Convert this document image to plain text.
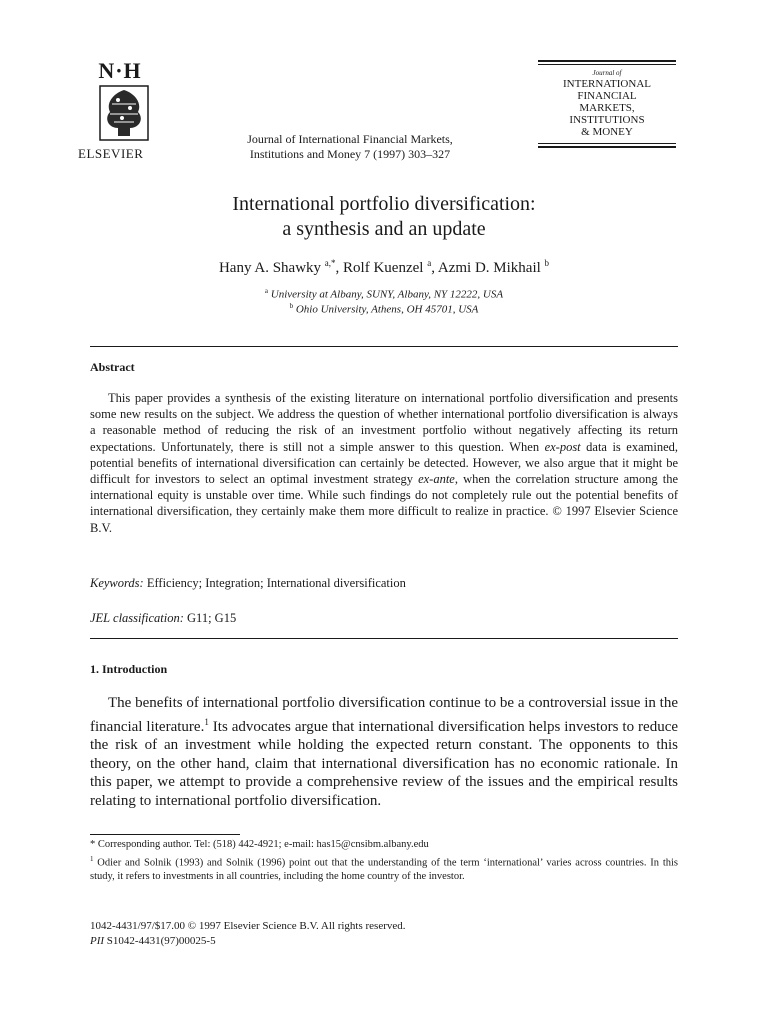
N·H
ELSEVIER
Journal of International Financial Markets,
Institutions and Money 7 (1997) 303–327
Journal of
INTERNATIONAL
FINANCIAL
MARKETS,
INSTITUTIONS
& MONEY
International portfolio diversification:
a synthesis and an update
Hany A. Shawky $^{a,*}$, Rolf Kuenzel $^a$, Azmi D. Mikhail $^b$
$^a$ University at Albany, SUNY, Albany, NY 12222, USA
$^b$ Ohio University, Athens, OH 45701, USA
Abstract

This paper provides a synthesis of the existing literature on international portfolio diversification and presents some new results on the subject. We address the question of whether international portfolio diversification is always a reasonable method of reducing the risk of an investment portfolio without negatively affecting its return expectations. Unfortunately, there is still not a simple answer to this question. When ex-post data is examined, potential benefits of international diversification can certainly be detected. However, we also argue that it might be difficult for investors to select an optimal investment strategy ex-ante, when the correlation structure among the international equity is unstable over time. While such findings do not completely rule out the potential benefits of international diversification, they certainly make them more difficult to realize in practice. © 1997 Elsevier Science B.V.

Keywords: Efficiency; Integration; International diversification
JEL classification: G11; G15
1. Introduction

The benefits of international portfolio diversification continue to be a controversial issue in the financial literature.$^1$ Its advocates argue that international diversification helps investors to reduce the risk of an investment while holding the expected return constant. The opponents to this theory, on the other hand, claim that international diversification has no economic rationale. In this paper, we attempt to provide a comprehensive review of the issues and the empirical results relating to international portfolio diversification.

* Corresponding author. Tel: (518) 442-4921; e-mail: has15@cnsibm.albany.edu
$^1$ Odier and Solnik (1993) and Solnik (1996) point out that the understanding of the term ‘international’ varies across countries. In this study, it refers to investments in all countries, including the home country of the investor.
1042-4431/97/$17.00 © 1997 Elsevier Science B.V. All rights reserved.
PII S1042-4431(97)00025-5
